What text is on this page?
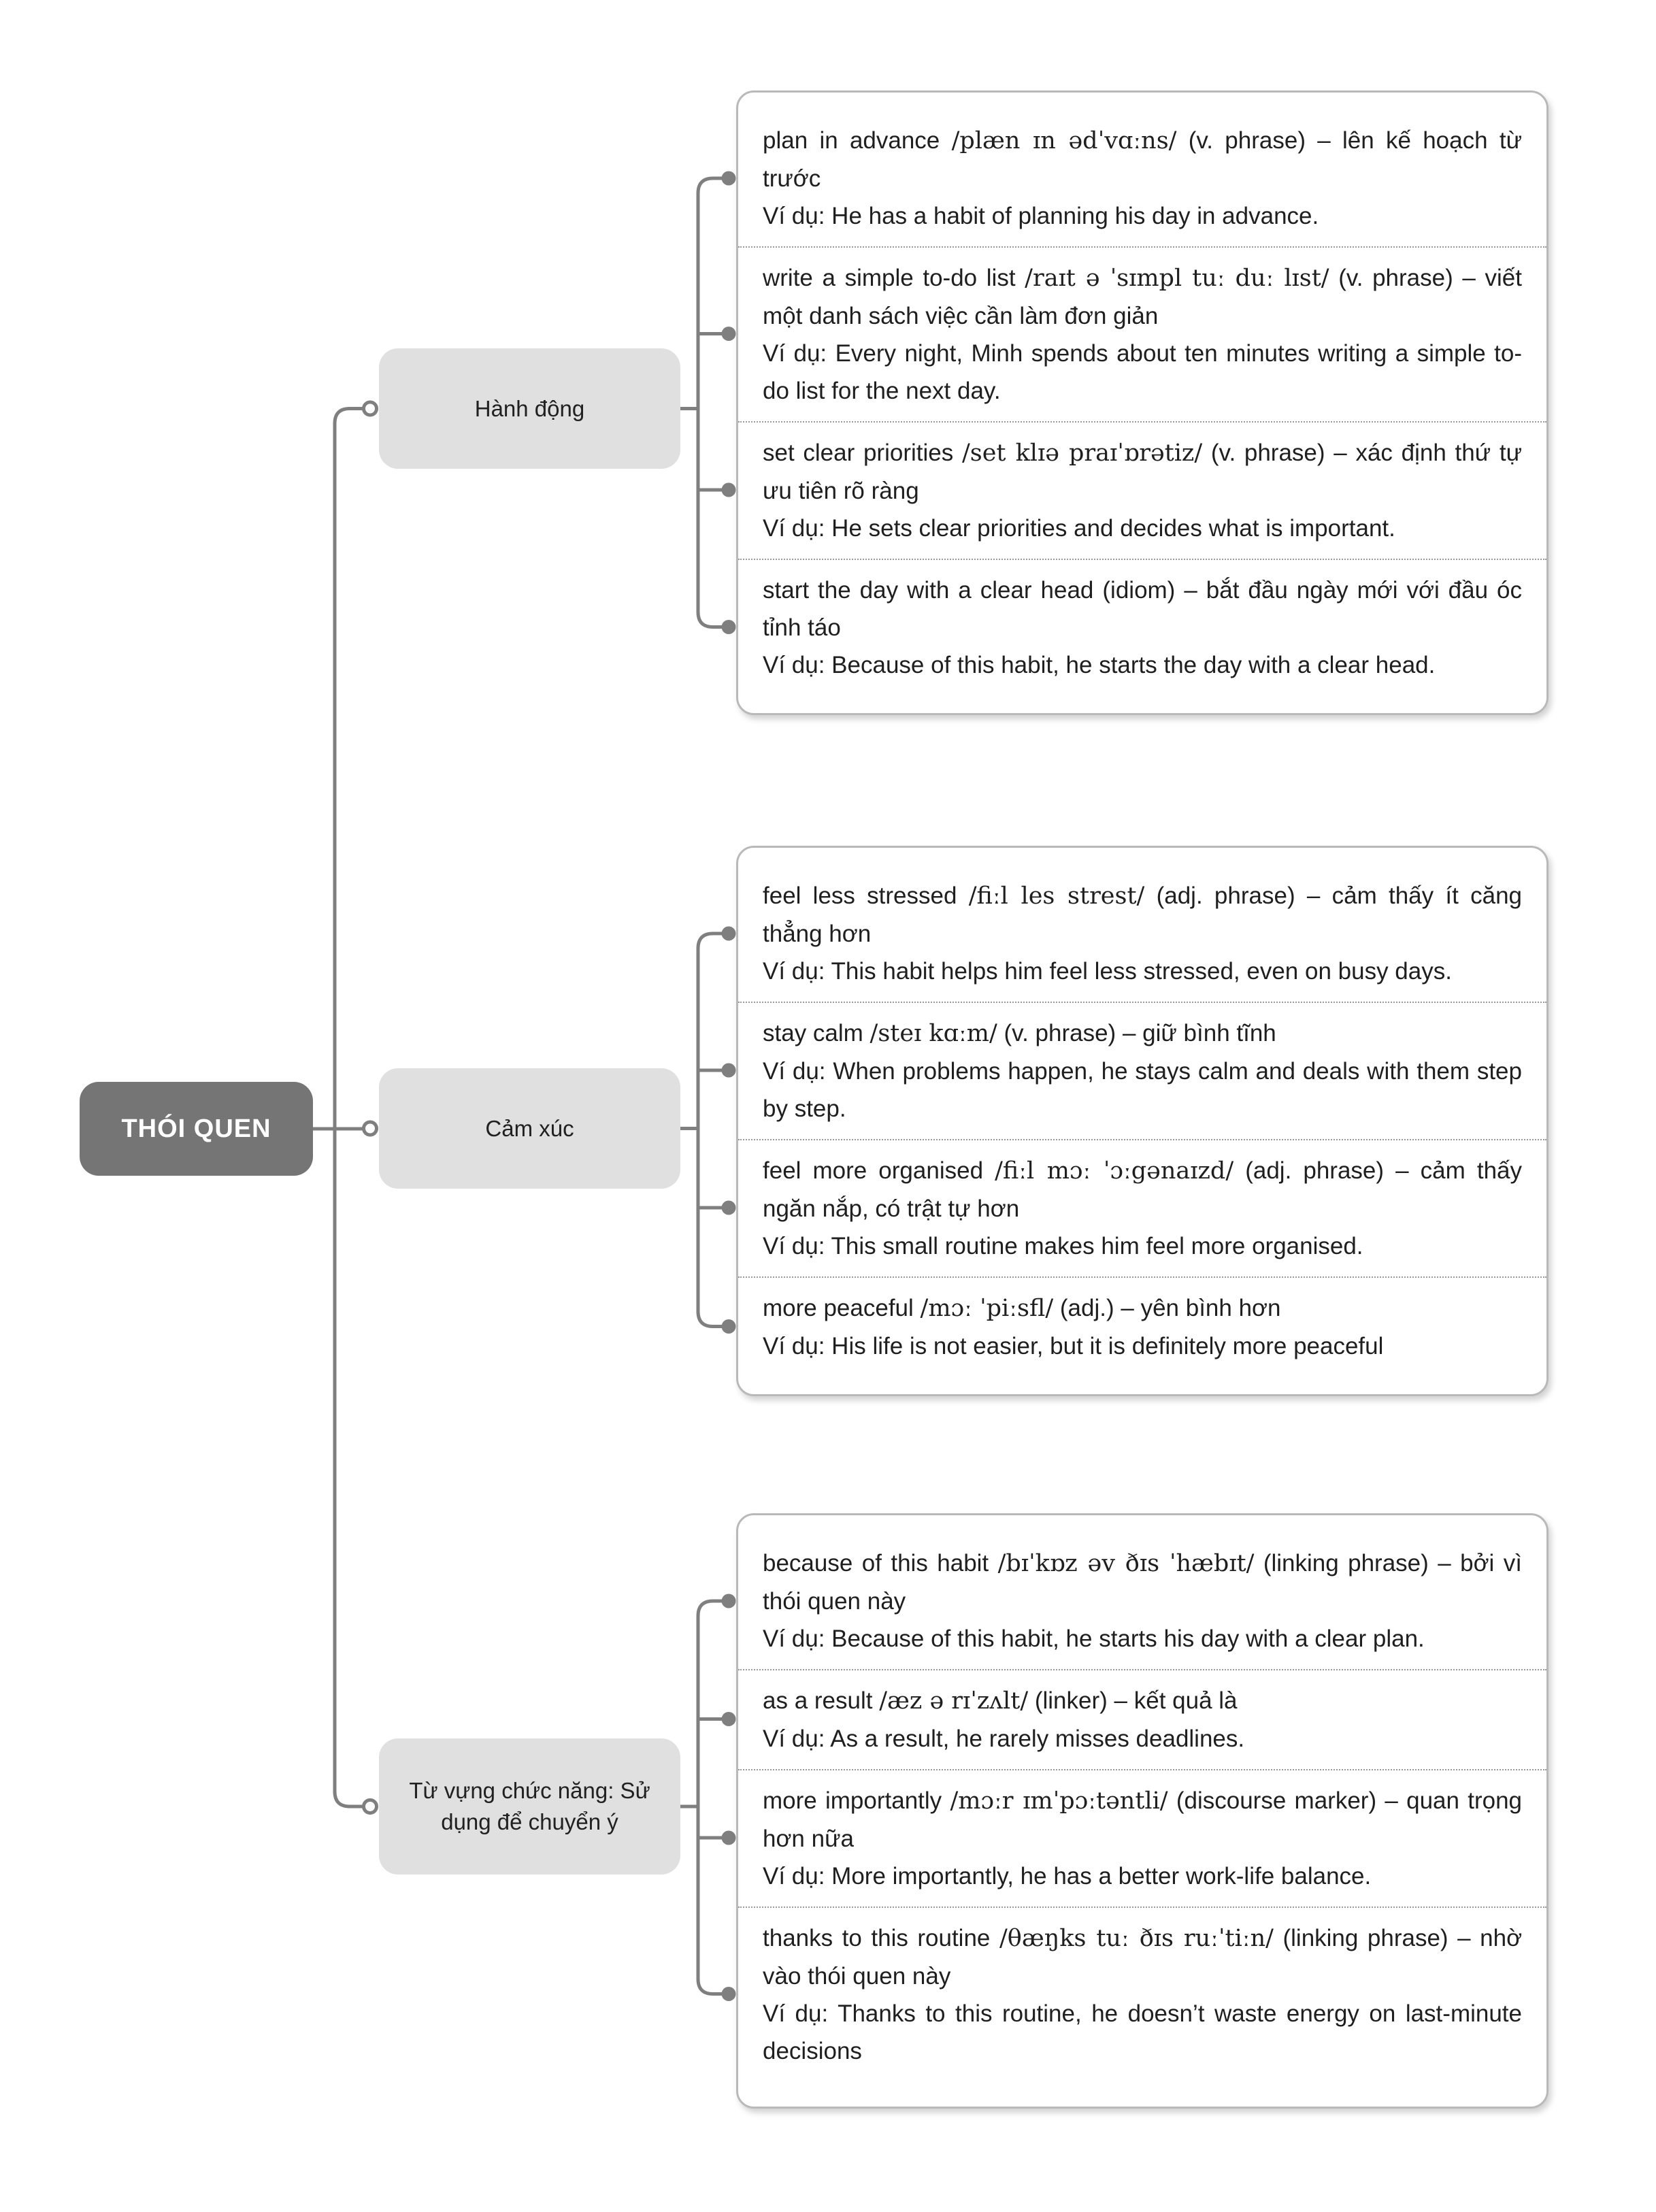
THÓI QUEN
Hành động
Cảm xúc
Từ vựng chức năng: Sử dụng để chuyển ý

plan in advance /plæn ɪn ədˈvɑːns/ (v. phrase) – lên kế hoạch từ trước

Ví dụ: He has a habit of planning his day in advance.

write a simple to-do list /raɪt ə ˈsɪmpl tuː duː lɪst/ (v. phrase) – viết một danh sách việc cần làm đơn giản

Ví dụ: Every night, Minh spends about ten minutes writing a simple to-do list for the next day.

set clear priorities /set klɪə praɪˈɒrətiz/ (v. phrase) – xác định thứ tự ưu tiên rõ ràng

Ví dụ: He sets clear priorities and decides what is important.

start the day with a clear head (idiom) – bắt đầu ngày mới với đầu óc tỉnh táo

Ví dụ: Because of this habit, he starts the day with a clear head.

feel less stressed /fiːl les strest/ (adj. phrase) – cảm thấy ít căng thẳng hơn

Ví dụ: This habit helps him feel less stressed, even on busy days.

stay calm /steɪ kɑːm/ (v. phrase) – giữ bình tĩnh

Ví dụ: When problems happen, he stays calm and deals with them step by step.

feel more organised /fiːl mɔː ˈɔːgənaɪzd/ (adj. phrase) – cảm thấy ngăn nắp, có trật tự hơn

Ví dụ: This small routine makes him feel more organised.

more peaceful /mɔː ˈpiːsfl/ (adj.) – yên bình hơn

Ví dụ: His life is not easier, but it is definitely more peaceful

because of this habit /bɪˈkɒz əv ðɪs ˈhæbɪt/ (linking phrase) – bởi vì thói quen này

Ví dụ: Because of this habit, he starts his day with a clear plan.

as a result /æz ə rɪˈzʌlt/ (linker) – kết quả là

Ví dụ: As a result, he rarely misses deadlines.

more importantly /mɔːr ɪmˈpɔːtəntli/ (discourse marker) – quan trọng hơn nữa

Ví dụ: More importantly, he has a better work-life balance.

thanks to this routine /θæŋks tuː ðɪs ruːˈtiːn/ (linking phrase) – nhờ vào thói quen này

Ví dụ: Thanks to this routine, he doesn’t waste energy on last-minute decisions
